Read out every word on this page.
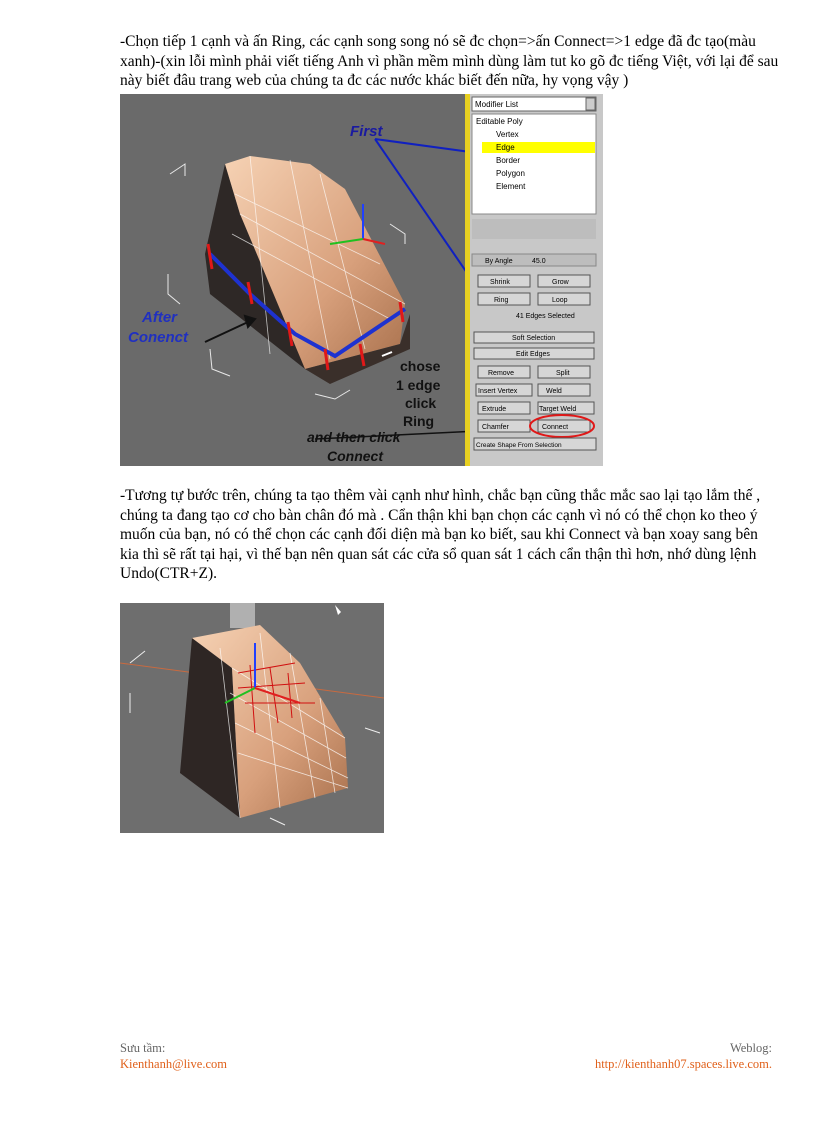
-Chọn tiếp 1 cạnh và ấn Ring, các cạnh song song nó sẽ đc chọn=>ấn Connect=>1 edge đã đc tạo(màu xanh)-(xin lỗi mình phải viết tiếng Anh vì phần mềm mình dùng làm tut ko gõ đc tiếng Việt, với lại để sau này biết đâu trang web của chúng ta đc các nước khác biết đến nữa, hy vọng vậy )
First
After
Conenct
chose
1 edge
click
Ring
and then click
Connect
Modifier List
Editable Poly
Vertex
Edge
Border
Polygon
Element
By Angle	45.0
Shrink	Grow
Ring	Loop
41 Edges Selected
Soft Selection
Edit Edges
Remove	Split
Insert Vertex	Weld
Extrude	Target Weld
Chamfer	Connect
Create Shape From Selection
-Tương tự bước trên, chúng ta tạo thêm vài cạnh như hình, chắc bạn cũng thắc mắc sao lại tạo lắm thế , chúng ta đang tạo cơ cho bàn chân đó mà . Cẩn thận khi bạn chọn các cạnh vì nó có thể chọn ko theo ý muốn của bạn, nó có thể chọn các cạnh đối diện mà bạn ko biết, sau khi Connect và bạn xoay sang bên kia thì sẽ rất tại hại, vì thế bạn nên quan sát các cửa sổ quan sát 1 cách cẩn thận thì hơn, nhớ dùng lệnh Undo(CTR+Z).
Sưu tầm:
Kienthanh@live.com
Weblog:
http://kienthanh07.spaces.live.com.
